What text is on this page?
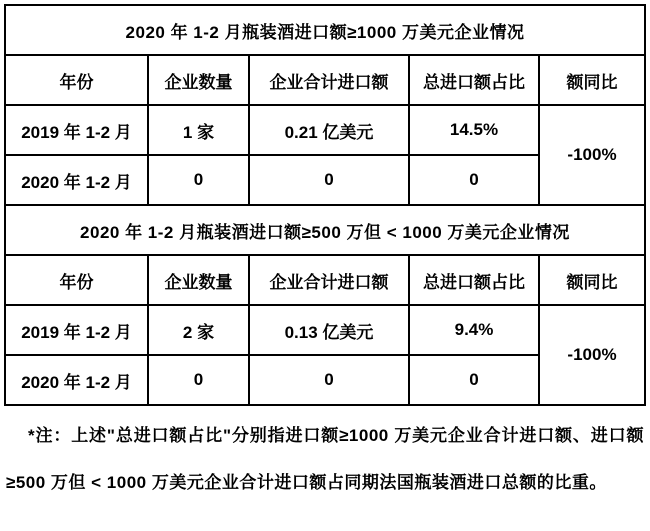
2020 年 1-2 月瓶装酒进口额≥1000 万美元企业情况				
年份	企业数量	企业合计进口额	总进口额占比	额同比
2019 年 1-2 月	1 家	0.21 亿美元	14.5%	-100%
2020 年 1-2 月	0	0	0	
2020 年 1-2 月瓶装酒进口额≥500 万但 < 1000 万美元企业情况				
年份	企业数量	企业合计进口额	总进口额占比	额同比
2019 年 1-2 月	2 家	0.13 亿美元	9.4%	-100%
2020 年 1-2 月	0	0	0	

*注：上述"总进口额占比"分别指进口额≥1000 万美元企业合计进口额、进口额≥500 万但 < 1000 万美元企业合计进口额占同期法国瓶装酒进口总额的比重。
